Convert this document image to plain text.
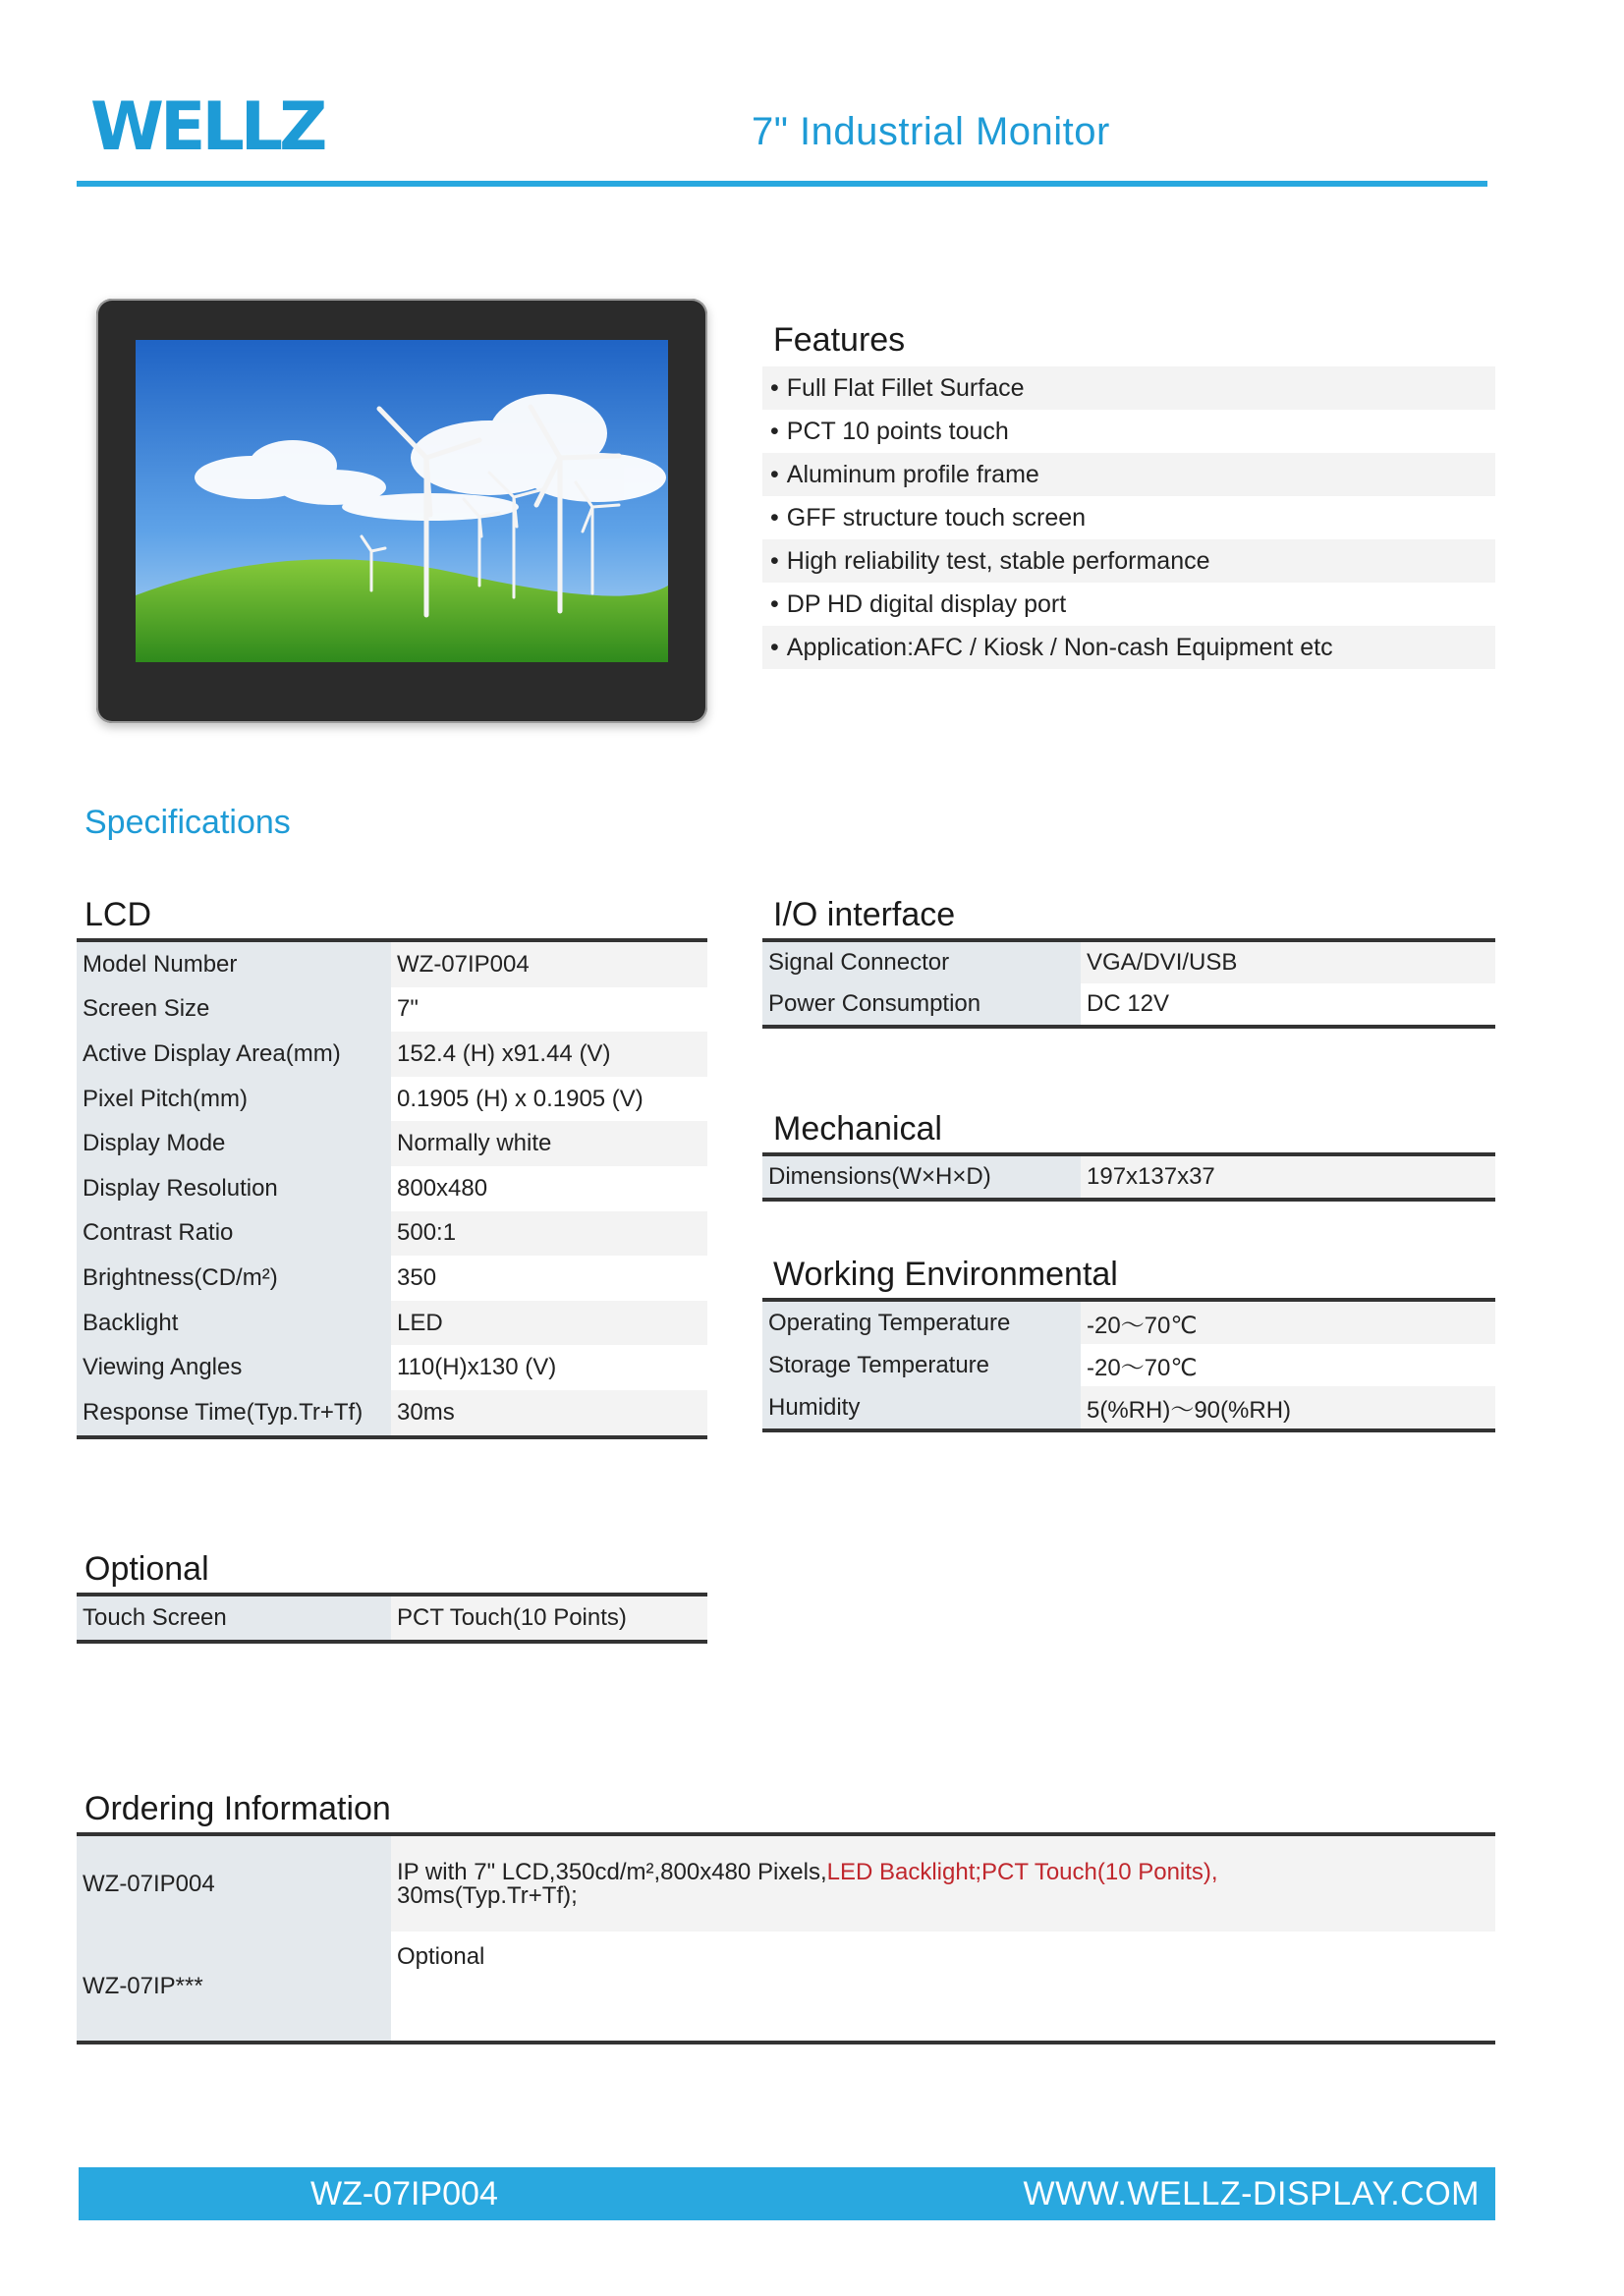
WELLZ	7" Industrial Monitor
Features
• Full Flat Fillet Surface
• PCT 10 points touch
• Aluminum profile frame
• GFF structure touch screen
• High reliability test, stable performance
• DP HD digital display port
• Application:AFC / Kiosk / Non-cash Equipment etc
Specifications
LCD
Model Number	WZ-07IP004
Screen Size	7"
Active Display Area(mm)	152.4 (H) x91.44 (V)
Pixel Pitch(mm)	0.1905 (H) x 0.1905 (V)
Display Mode	Normally white
Display Resolution	800x480
Contrast Ratio	500:1
Brightness(CD/m²)	350
Backlight	LED
Viewing Angles	110(H)x130 (V)
Response Time(Typ.Tr+Tf)	30ms
I/O interface
Signal Connector	VGA/DVI/USB
Power Consumption	DC 12V
Mechanical
Dimensions(W×H×D)	197x137x37
Working Environmental
Operating Temperature	-20～70℃
Storage Temperature	-20～70℃
Humidity	5(%RH)～90(%RH)
Optional
Touch Screen	PCT Touch(10 Points)
Ordering Information
WZ-07IP004	IP with 7" LCD,350cd/m²,800x480 Pixels,LED Backlight;PCT Touch(10 Ponits),
30ms(Typ.Tr+Tf);
WZ-07IP***	Optional
WZ-07IP004	WWW.WELLZ-DISPLAY.COM
